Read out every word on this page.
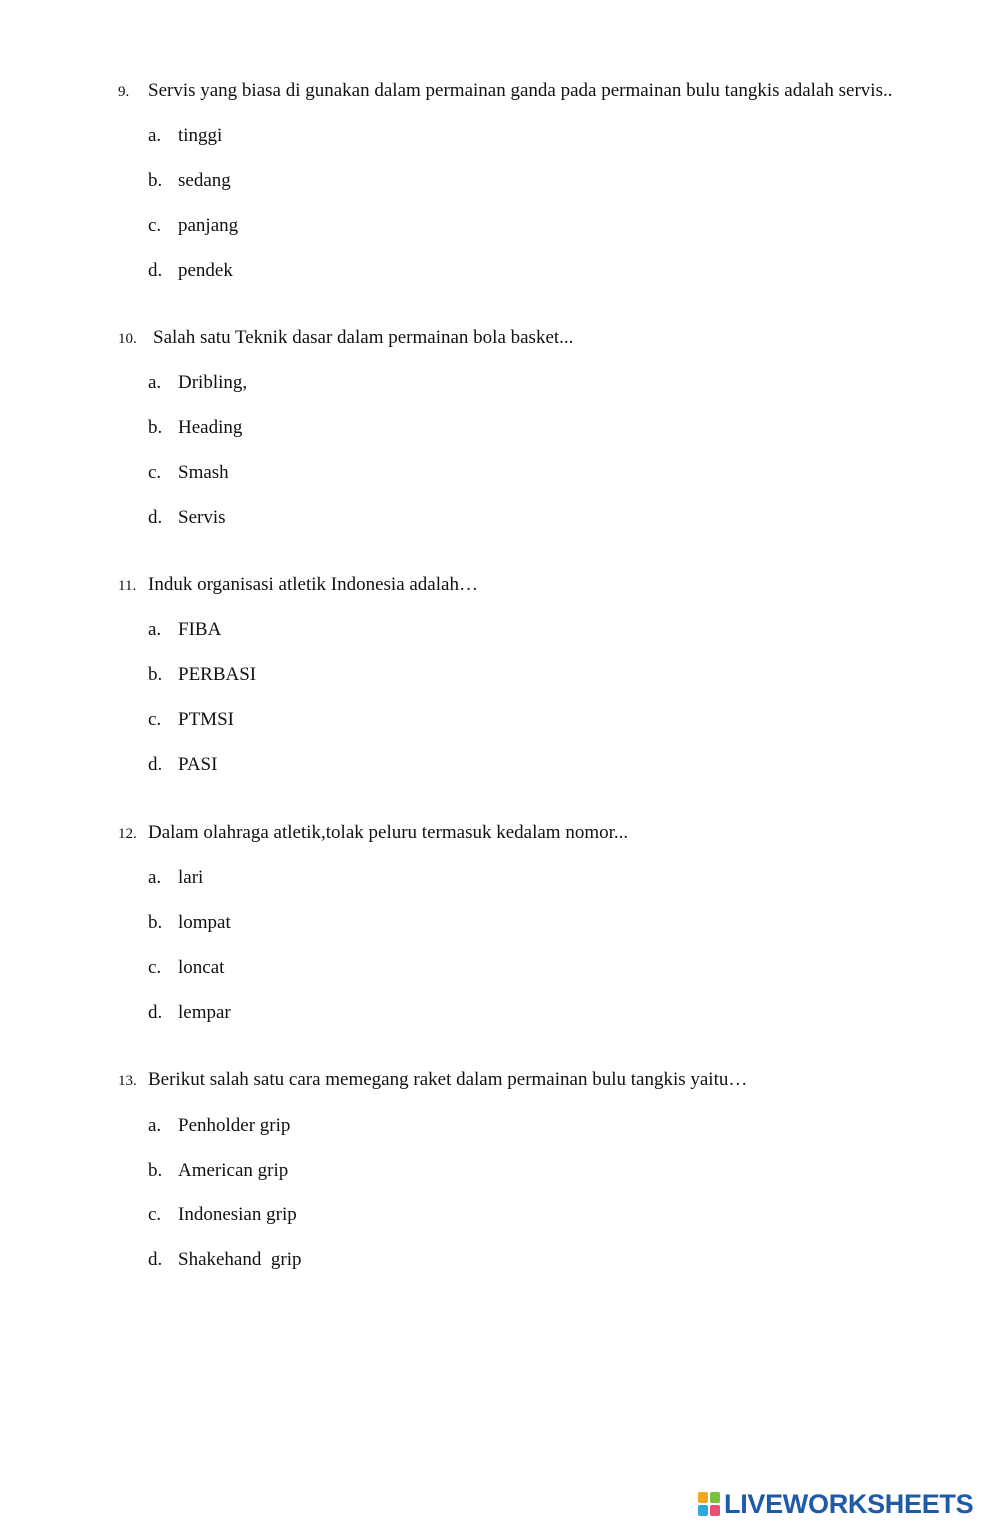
9. Servis yang biasa di gunakan dalam permainan ganda pada permainan bulu tangkis adalah servis..
a. tinggi
b. sedang
c. panjang
d. pendek
10. Salah satu Teknik dasar dalam permainan bola basket...
a. Dribling,
b. Heading
c. Smash
d. Servis
11. Induk organisasi atletik Indonesia adalah…
a. FIBA
b. PERBASI
c. PTMSI
d. PASI
12. Dalam olahraga atletik,tolak peluru termasuk kedalam nomor...
a. lari
b. lompat
c. loncat
d. lempar
13. Berikut salah satu cara memegang raket dalam permainan bulu tangkis yaitu…
a. Penholder grip
b. American grip
c. Indonesian grip
d. Shakehand  grip
LIVEWORKSHEETS
